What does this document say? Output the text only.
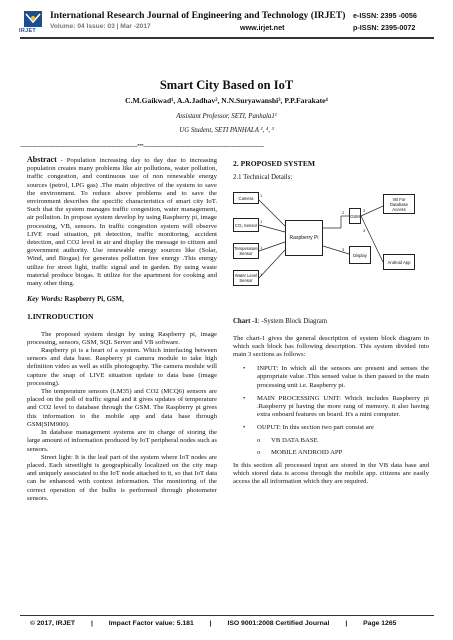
IRJET
International Research Journal of Engineering and Technology (IRJET)
Volume: 04 Issue: 03 | Mar -2017	www.irjet.net
e-ISSN: 2395 -0056
p-ISSN: 2395-0072
Smart City Based on IoT
C.M.Gaikwad¹, A.A.Jadhav², N.N.Suryawanshi³, P.P.Farakate⁴
Assistant Professor, SETI, Panhala1¹
UG Student, SETI PANHALA ², ⁴, ³
---------------------------------------------------------------------***-----------------------------------------------------------------------
Abstract - Population increasing day to day due to increasing population creates many problems like air pollutions, water pollution, traffic congestion, and continuous use of non renewable energy sources (petrol, LPG gas) .The main objective of the system to save the environment. To reduce above problems and to save the environment describes the specific characteristics of smart city IoT. Such that the system manages traffic congestion, water management, air pollution. In propose system develop by using Raspberry pi, image processing, VB, sensors. In traffic congestion system will observe LIVE road situation, pit detection, traffic monitoring, accident detection, and CO2 level in air and display the message to citizen and government authority. Use renewable energy sources like (Solar, Wind, and Biogas) for generates pollution free energy .This energy utilize for street light, traffic signal and in garden. By using waste material produce biogas. It utilize for the apartment for cooking and many other thing.
Key Words: Raspberry Pi, GSM,
1.INTRODUCTION

The proposed system design by using Raspberry pi, image processing, sensors, GSM, SQL Server and VB software.

Raspberry pi is a heart of a system. Which interfacing between sensors and data base. Raspberry pi camera module to take high definition video as well as stills photography. The camera module will capture the snap of LIVE situation update to data base (image processing).

The temperature sensors (LM35) and CO2 (MCQ6) sensors are placed on the poll of traffic signal and it gives updates of temperature and CO2 level to database through the GSM. The Raspberry pi gives this information to the mobile app and data base through GSM(SIM900).

In database management systems are in charge of storing the large amount of information produced by IoT peripheral nodes such as sensors.

Street light: It is the leaf part of the system where IoT nodes are placed. Each streetlight is geographically localized on the city map and uniquely associated to the IoT node attached to it, so that IoT data can be enhanced with context information. The monitoring of the correct operation of the bulbs is performed through photometer sensors.

2. PROPOSED SYSTEM
2.1 Technical Details:
1
1
1
1
2	3
3
3
Camera
CO₂ Sensor
Temperature Sensor
Water Level Sensor
Raspberry Pi
GSM
Display
VB For Database Access
Android App
Chart -1: -System Block Diagram
The chart-1 gives the general description of system block diagram in which each block has following description. This system divided into main 3 sections as follows:
• INPUT: In which all the sensors are present and senses the appropriate value .This sensed value is then passed to the main processing unit i.e. Raspberry pi.
• MAIN PROCESSING UNIT: Which includes Raspberry pi .Raspberry pi having the more rang of memory. it also having extra onboard features on board. It's a mini computer.
• OUPUT: In this section two part consist are
o VB DATA BASE
o MOBILE ANDROID APP
In this section all processed input are stored in the VB data base and which stored data is access through the mobile app. citizens are easily access the all information which they are required.
© 2017, IRJET | Impact Factor value: 5.181 | ISO 9001:2008 Certified Journal | Page 1265
